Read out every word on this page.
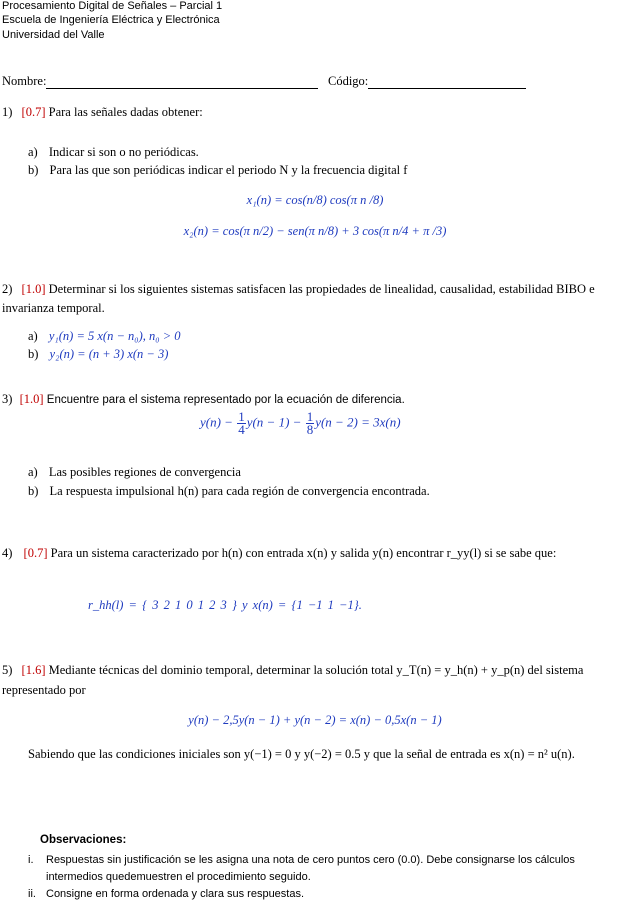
Procesamiento Digital de Señales – Parcial 1
Escuela de Ingeniería Eléctrica y Electrónica
Universidad del Valle
Nombre:	Código:
1) [0.7] Para las señales dadas obtener:
a) Indicar si son o no periódicas.
b) Para las que son periódicas indicar el periodo N y la frecuencia digital f
x₁(n) = cos(n/8) cos(π n /8)
x₂(n) = cos(π n/2) − sen(π n/8) + 3 cos(π n/4 + π /3)
2) [1.0] Determinar si los siguientes sistemas satisfacen las propiedades de linealidad, causalidad, estabilidad BIBO e invarianza temporal.
a) y₁(n) = 5 x(n − n₀), n₀ > 0
b) y₂(n) = (n + 3) x(n − 3)
3) [1.0] Encuentre para el sistema representado por la ecuación de diferencia.
$y(n) - \frac{1}{4} y(n - 1) - \frac{1}{8} y(n - 2) = 3x(n)$
a) Las posibles regiones de convergencia
b) La respuesta impulsional h(n) para cada región de convergencia encontrada.
4) [0.7] Para un sistema caracterizado por h(n) con entrada x(n) y salida y(n) encontrar r_yy(l) si se sabe que:
r_hh(l) = { 3 2 1 0 1 2 3 } y x(n) = {1 −1 1 −1}.
5) [1.6] Mediante técnicas del dominio temporal, determinar la solución total y_T(n) = y_h(n) + y_p(n) del sistema representado por
y(n) − 2,5y(n − 1) + y(n − 2) = x(n) − 0,5x(n − 1)
Sabiendo que las condiciones iniciales son y(−1) = 0 y y(−2) = 0.5 y que la señal de entrada es x(n) = n² u(n).
Observaciones:
i.	Respuestas sin justificación se les asigna una nota de cero puntos cero (0.0). Debe consignarse los cálculos intermedios quedemuestren el procedimiento seguido.
ii. Consigne en forma ordenada y clara sus respuestas.
